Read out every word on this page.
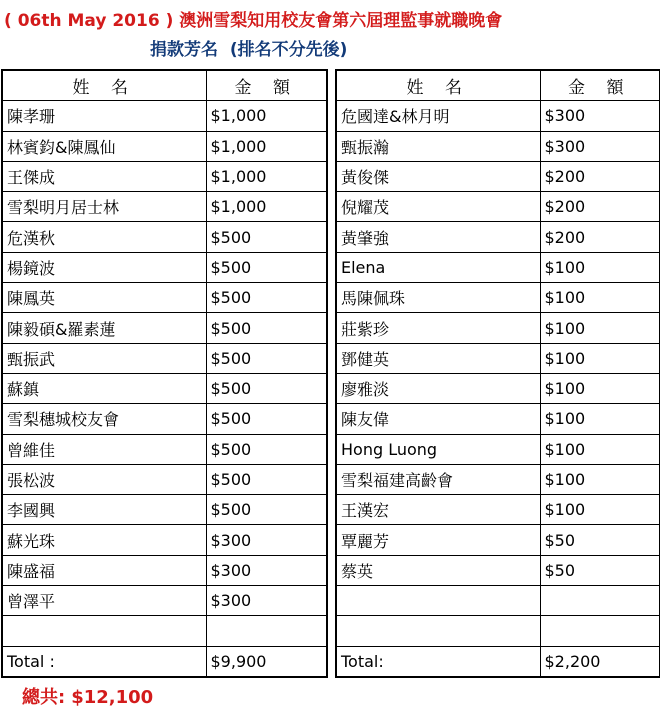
( 06th May 2016 ) 澳洲雪梨知用校友會第六屆理監事就職晚會
捐款芳名 (排名不分先後)
姓 名	金 額
陳孝珊	$1,000
林賓鈞&陳鳳仙	$1,000
王傑成	$1,000
雪梨明月居士林	$1,000
危漢秋	$500
楊鏡波	$500
陳鳳英	$500
陳毅碩&羅素蓮	$500
甄振武	$500
蘇鎮	$500
雪梨穗城校友會	$500
曾維佳	$500
張松波	$500
李國興	$500
蘇光珠	$300
陳盛福	$300
曾澤平	$300

Total :	$9,900
姓 名	金 額
危國達&林月明	$300
甄振瀚	$300
黃俊傑	$200
倪耀茂	$200
黃肇強	$200
Elena	$100
馬陳佩珠	$100
莊紫珍	$100
鄧健英	$100
廖雅淡	$100
陳友偉	$100
Hong Luong	$100
雪梨福建高齡會	$100
王漢宏	$100
覃麗芳	$50
蔡英	$50

Total:	$2,200
總共: $12,100
